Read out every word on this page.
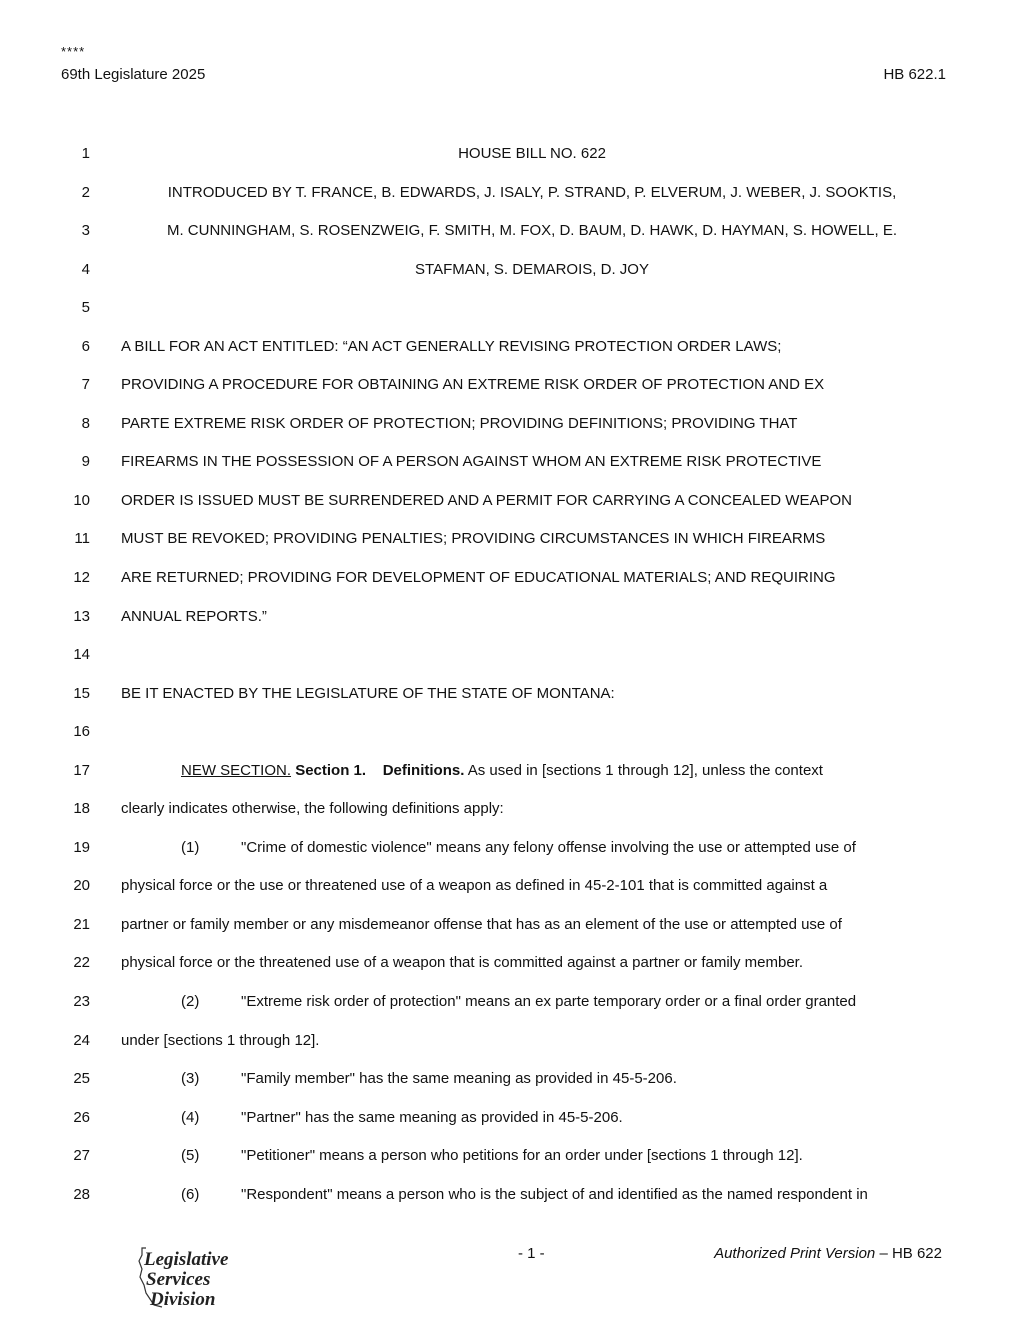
****
69th Legislature 2025	HB 622.1
1	HOUSE BILL NO. 622
2	INTRODUCED BY T. FRANCE, B. EDWARDS, J. ISALY, P. STRAND, P. ELVERUM, J. WEBER, J. SOOKTIS,
3	M. CUNNINGHAM, S. ROSENZWEIG, F. SMITH, M. FOX, D. BAUM, D. HAWK, D. HAYMAN, S. HOWELL, E.
4	STAFMAN, S. DEMAROIS, D. JOY
5
6 A BILL FOR AN ACT ENTITLED: “AN ACT GENERALLY REVISING PROTECTION ORDER LAWS;
7 PROVIDING A PROCEDURE FOR OBTAINING AN EXTREME RISK ORDER OF PROTECTION AND EX
8 PARTE EXTREME RISK ORDER OF PROTECTION; PROVIDING DEFINITIONS; PROVIDING THAT
9 FIREARMS IN THE POSSESSION OF A PERSON AGAINST WHOM AN EXTREME RISK PROTECTIVE
10 ORDER IS ISSUED MUST BE SURRENDERED AND A PERMIT FOR CARRYING A CONCEALED WEAPON
11 MUST BE REVOKED; PROVIDING PENALTIES; PROVIDING CIRCUMSTANCES IN WHICH FIREARMS
12 ARE RETURNED; PROVIDING FOR DEVELOPMENT OF EDUCATIONAL MATERIALS; AND REQUIRING
13 ANNUAL REPORTS.”
14
15 BE IT ENACTED BY THE LEGISLATURE OF THE STATE OF MONTANA:
16
17	NEW SECTION. Section 1. Definitions. As used in [sections 1 through 12], unless the context
18 clearly indicates otherwise, the following definitions apply:
19	(1)	"Crime of domestic violence" means any felony offense involving the use or attempted use of
20 physical force or the use or threatened use of a weapon as defined in 45-2-101 that is committed against a
21 partner or family member or any misdemeanor offense that has as an element of the use or attempted use of
22 physical force or the threatened use of a weapon that is committed against a partner or family member.
23	(2)	"Extreme risk order of protection" means an ex parte temporary order or a final order granted
24 under [sections 1 through 12].
25	(3)	"Family member" has the same meaning as provided in 45-5-206.
26	(4)	"Partner" has the same meaning as provided in 45-5-206.
27	(5)	"Petitioner" means a person who petitions for an order under [sections 1 through 12].
28	(6)	"Respondent" means a person who is the subject of and identified as the named respondent in
Legislative
Services
Division
- 1 -	Authorized Print Version – HB 622
